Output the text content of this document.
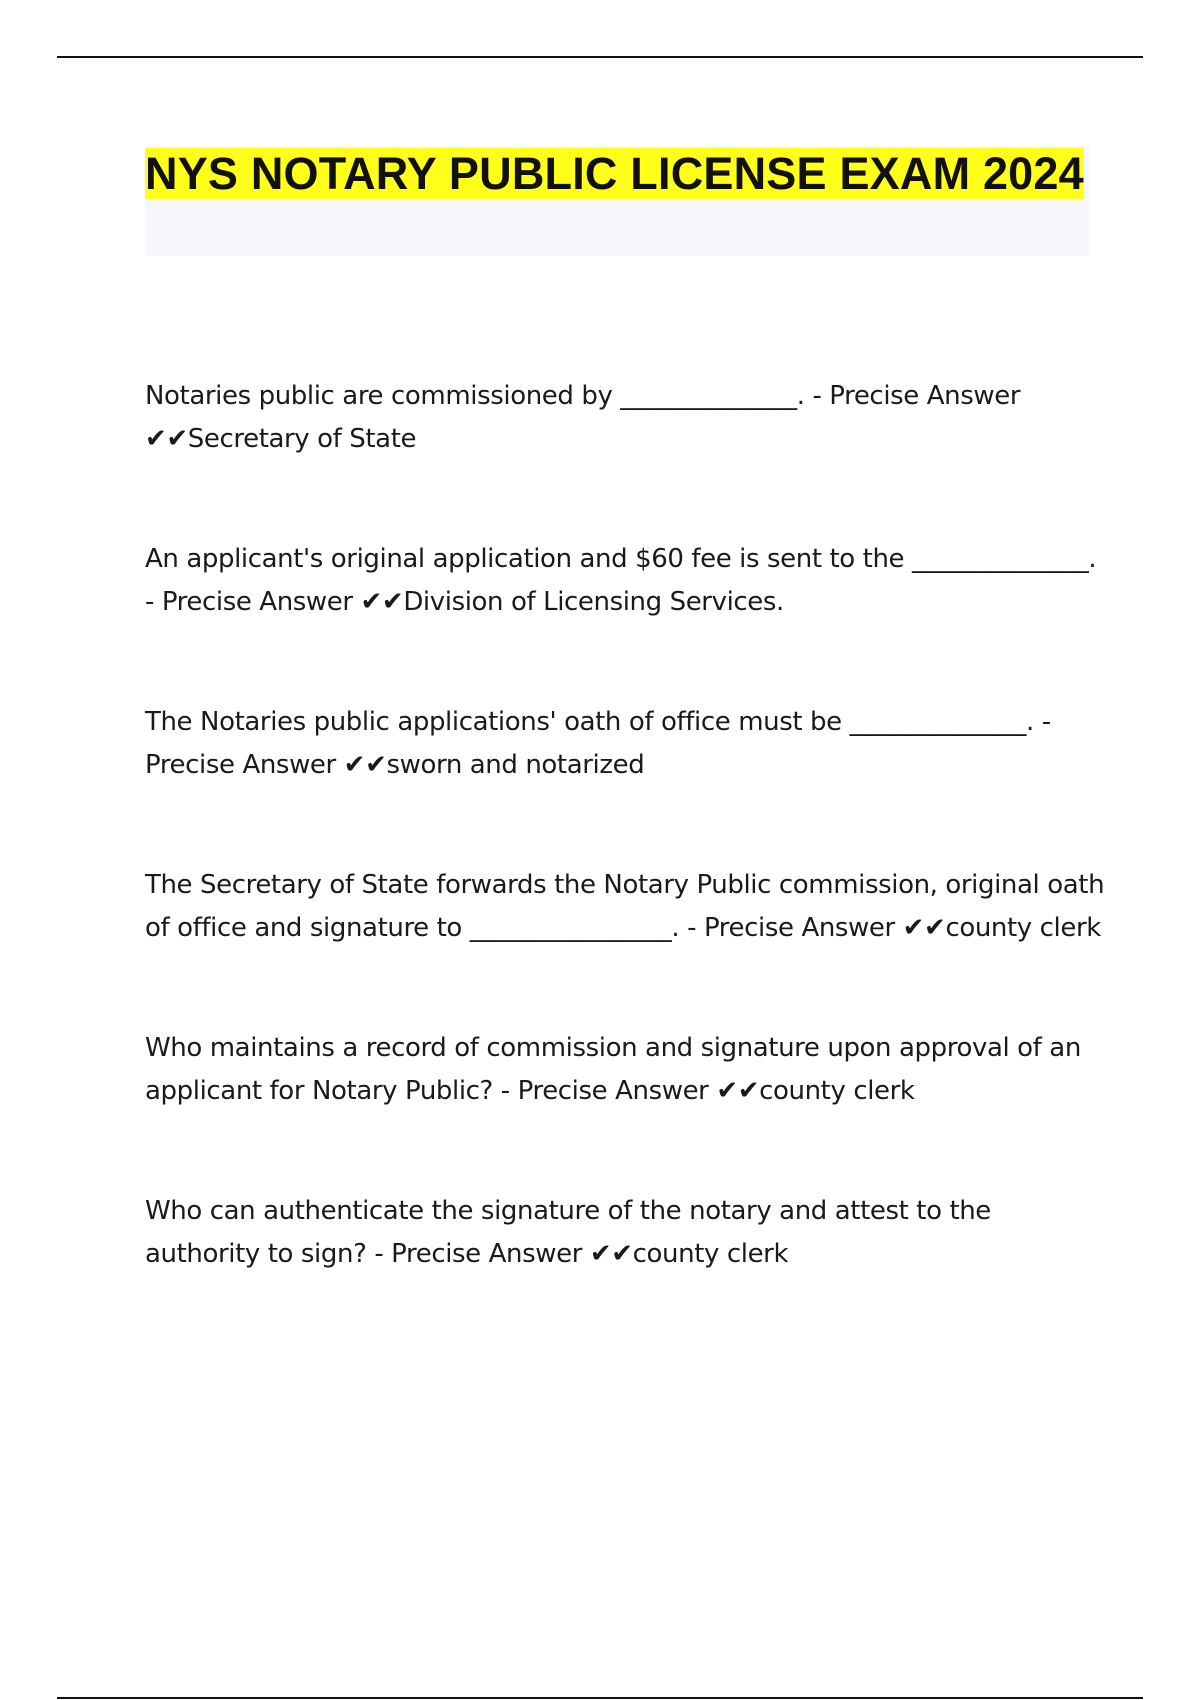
NYS NOTARY PUBLIC LICENSE EXAM 2024

Notaries public are commissioned by ______________. - Precise Answer ✔✔Secretary of State

An applicant's original application and $60 fee is sent to the ______________. - Precise Answer ✔✔Division of Licensing Services.

The Notaries public applications' oath of office must be ______________. - Precise Answer ✔✔sworn and notarized

The Secretary of State forwards the Notary Public commission, original oath of office and signature to ________________. - Precise Answer ✔✔county clerk

Who maintains a record of commission and signature upon approval of an applicant for Notary Public? - Precise Answer ✔✔county clerk

Who can authenticate the signature of the notary and attest to the authority to sign? - Precise Answer ✔✔county clerk
